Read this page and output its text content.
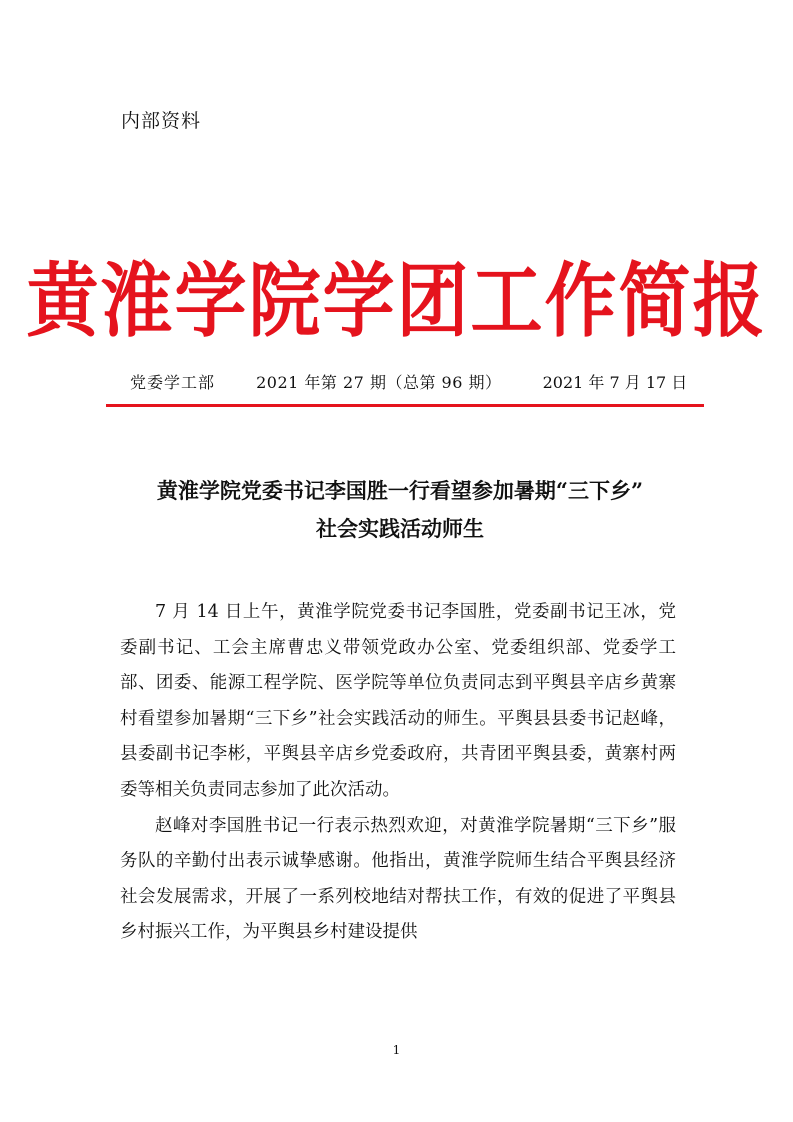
内部资料
黄淮学院学团工作简报
党委学工部	2021 年第 27 期（总第 96 期）	2021 年 7 月 17 日
黄淮学院党委书记李国胜一行看望参加暑期“三下乡”
社会实践活动师生

7 月 14 日上午，黄淮学院党委书记李国胜，党委副书记王冰，党委副书记、工会主席曹忠义带领党政办公室、党委组织部、党委学工部、团委、能源工程学院、医学院等单位负责同志到平舆县辛店乡黄寨村看望参加暑期“三下乡”社会实践活动的师生。平舆县县委书记赵峰，县委副书记李彬，平舆县辛店乡党委政府，共青团平舆县委，黄寨村两委等相关负责同志参加了此次活动。

赵峰对李国胜书记一行表示热烈欢迎，对黄淮学院暑期“三下乡”服务队的辛勤付出表示诚挚感谢。他指出，黄淮学院师生结合平舆县经济社会发展需求，开展了一系列校地结对帮扶工作，有效的促进了平舆县乡村振兴工作，为平舆县乡村建设提供

1
